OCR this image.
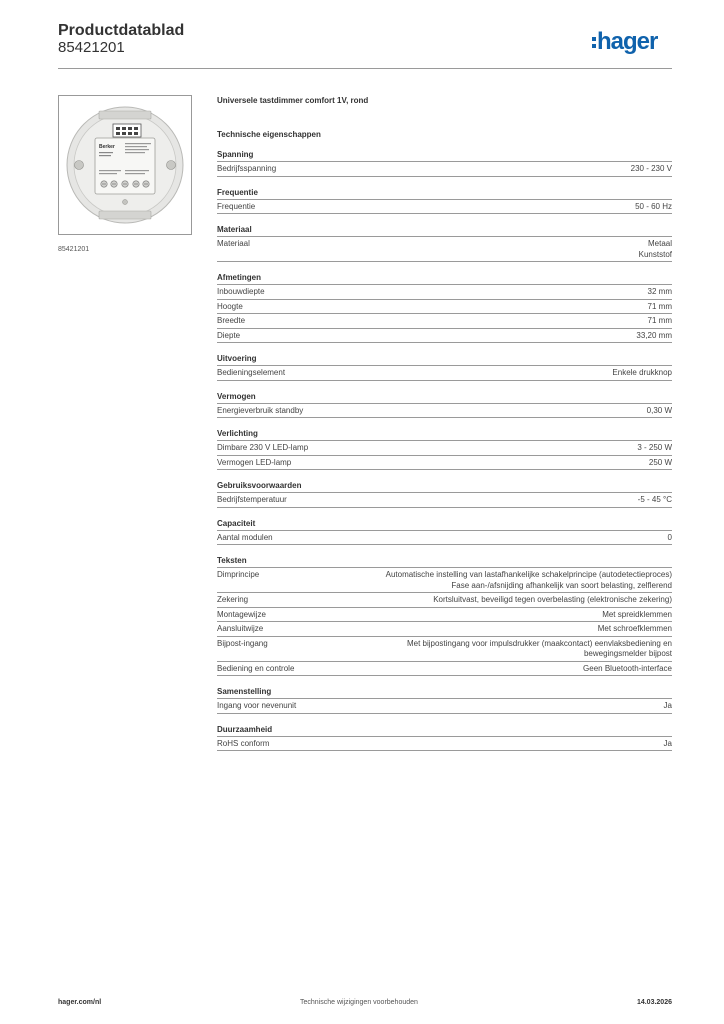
Productdatablad
85421201	hager
Berker
85421201
Universele tastdimmer comfort 1V, rond
Technische eigenschappen
Spanning
Bedrijfsspanning	230 - 230 V
Frequentie
Frequentie	50 - 60 Hz
Materiaal
Materiaal	Metaal
Kunststof
Afmetingen
Inbouwdiepte	32 mm
Hoogte	71 mm
Breedte	71 mm
Diepte	33,20 mm
Uitvoering
Bedieningselement	Enkele drukknop
Vermogen
Energieverbruik standby	0,30 W
Verlichting
Dimbare 230 V LED-lamp	3 - 250 W
Vermogen LED-lamp	250 W
Gebruiksvoorwaarden
Bedrijfstemperatuur	-5 - 45 °C
Capaciteit
Aantal modulen	0
Teksten
Dimprincipe	Automatische instelling van lastafhankelijke schakelprincipe (autodetectieproces)
Fase aan-/afsnijding afhankelijk van soort belasting, zelflerend
Zekering	Kortsluitvast, beveiligd tegen overbelasting (elektronische zekering)
Montagewijze	Met spreidklemmen
Aansluitwijze	Met schroefklemmen
Bijpost-ingang	Met bijpostingang voor impulsdrukker (maakcontact) eenvlaksbediening en
bewegingsmelder bijpost
Bediening en controle	Geen Bluetooth-interface
Samenstelling
Ingang voor nevenunit	Ja
Duurzaamheid
RoHS conform	Ja
hager.com/nl	Technische wijzigingen voorbehouden	14.03.2026
